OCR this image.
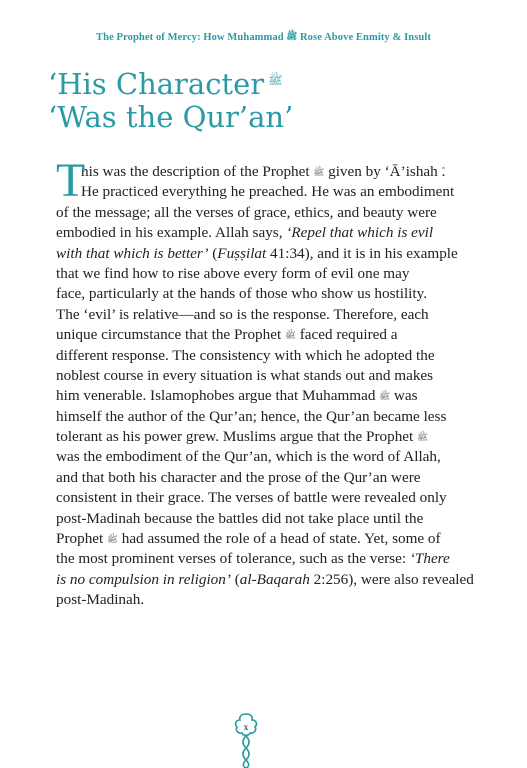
The Prophet of Mercy: How Muhammad ﷺ Rose Above Enmity & Insult
‘His Character ﷺ
‘Was the Qur’an’
T
his was the description of the Prophet ﷺ given by ‘Ā’ishah .
He practiced everything he preached. He was an embodiment
of the message; all the verses of grace, ethics, and beauty were
embodied in his example. Allah says, ‘Repel that which is evil
with that which is better’ (Fuṣṣilat 41:34), and it is in his example
that we find how to rise above every form of evil one may
face, particularly at the hands of those who show us hostility.
The ‘evil’ is relative—and so is the response. Therefore, each
unique circumstance that the Prophet ﷺ faced required a
different response. The consistency with which he adopted the
noblest course in every situation is what stands out and makes
him venerable. Islamophobes argue that Muhammad ﷺ was
himself the author of the Qur’an; hence, the Qur’an became less
tolerant as his power grew. Muslims argue that the Prophet ﷺ
was the embodiment of the Qur’an, which is the word of Allah,
and that both his character and the prose of the Qur’an were
consistent in their grace. The verses of battle were revealed only
post-Madinah because the battles did not take place until the
Prophet ﷺ had assumed the role of a head of state. Yet, some of
the most prominent verses of tolerance, such as the verse: ‘There
is no compulsion in religion’ (al-Baqarah 2:256), were also revealed
post-Madinah.
x
